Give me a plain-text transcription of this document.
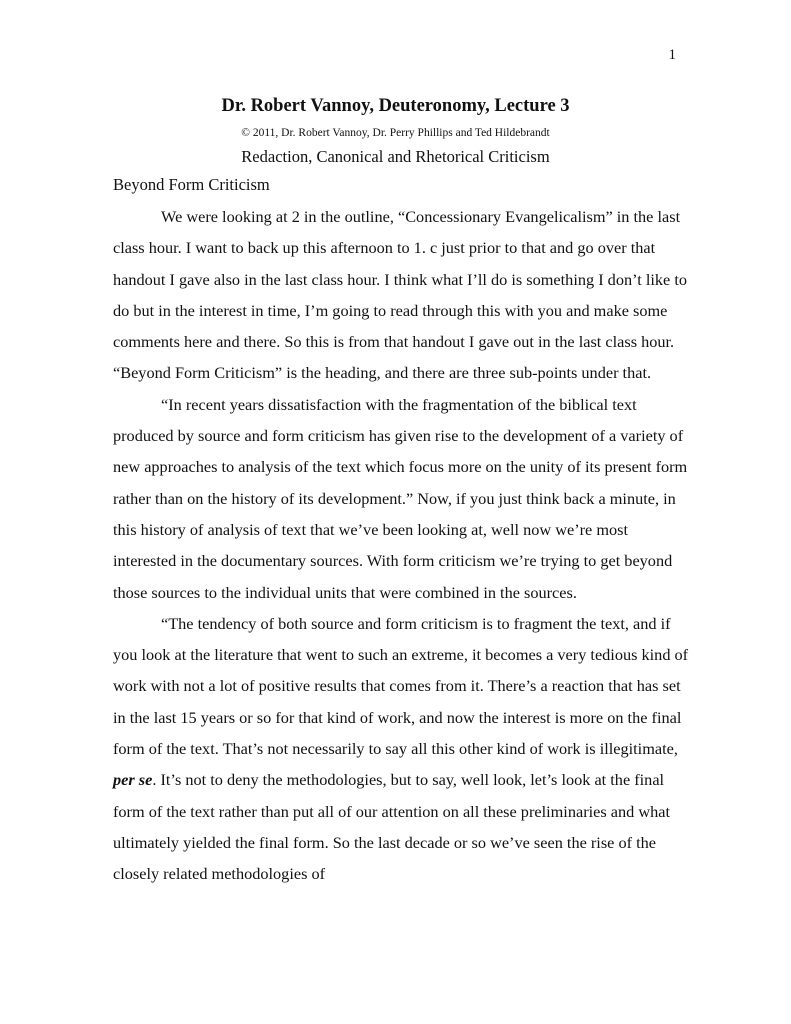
1
Dr. Robert Vannoy, Deuteronomy, Lecture 3
© 2011, Dr. Robert Vannoy, Dr. Perry Phillips and Ted Hildebrandt
Redaction, Canonical and Rhetorical Criticism
Beyond Form Criticism

We were looking at 2 in the outline, “Concessionary Evangelicalism” in the last class hour. I want to back up this afternoon to 1. c just prior to that and go over that handout I gave also in the last class hour. I think what I’ll do is something I don’t like to do but in the interest in time, I’m going to read through this with you and make some comments here and there. So this is from that handout I gave out in the last class hour. “Beyond Form Criticism” is the heading, and there are three sub-points under that.

“In recent years dissatisfaction with the fragmentation of the biblical text produced by source and form criticism has given rise to the development of a variety of new approaches to analysis of the text which focus more on the unity of its present form rather than on the history of its development.” Now, if you just think back a minute, in this history of analysis of text that we’ve been looking at, well now we’re most interested in the documentary sources. With form criticism we’re trying to get beyond those sources to the individual units that were combined in the sources.

“The tendency of both source and form criticism is to fragment the text, and if you look at the literature that went to such an extreme, it becomes a very tedious kind of work with not a lot of positive results that comes from it. There’s a reaction that has set in the last 15 years or so for that kind of work, and now the interest is more on the final form of the text. That’s not necessarily to say all this other kind of work is illegitimate, per se. It’s not to deny the methodologies, but to say, well look, let’s look at the final form of the text rather than put all of our attention on all these preliminaries and what ultimately yielded the final form. So the last decade or so we’ve seen the rise of the closely related methodologies of
